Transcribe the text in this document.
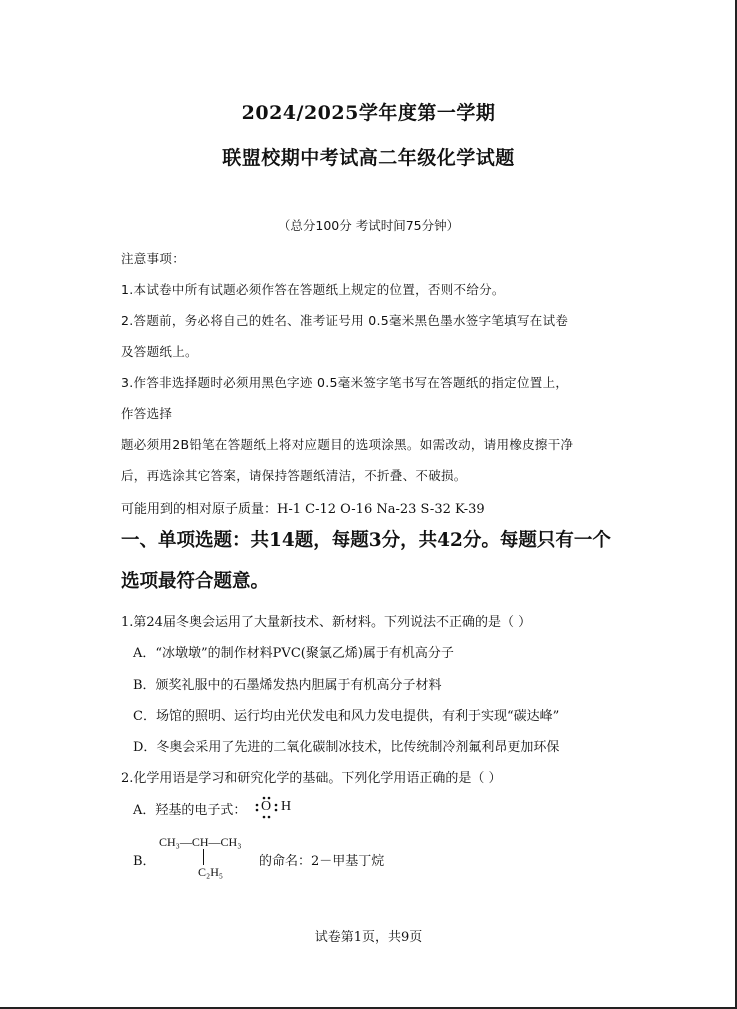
2024/2025学年度第一学期
联盟校期中考试高二年级化学试题
（总分100分 考试时间75分钟）
注意事项：
1.本试卷中所有试题必须作答在答题纸上规定的位置，否则不给分。
2.答题前，务必将自己的姓名、准考证号用 0.5毫米黑色墨水签字笔填写在试卷
及答题纸上。
3.作答非选择题时必须用黑色字迹 0.5毫米签字笔书写在答题纸的指定位置上，
作答选择
题必须用2B铅笔在答题纸上将对应题目的选项涂黑。如需改动，请用橡皮擦干净
后，再选涂其它答案，请保持答题纸清洁，不折叠、不破损。
可能用到的相对原子质量：H-1 C-12 O-16 Na-23 S-32 K-39
一、单项选题：共14题，每题3分，共42分。每题只有一个
选项最符合题意。
1.第24届冬奥会运用了大量新技术、新材料。下列说法不正确的是（ ）
A．“冰墩墩”的制作材料PVC(聚氯乙烯)属于有机高分子
B．颁奖礼服中的石墨烯发热内胆属于有机高分子材料
C．场馆的照明、运行均由光伏发电和风力发电提供，有利于实现“碳达峰”
D．冬奥会采用了先进的二氧化碳制冰技术，比传统制冷剂氟利昂更加环保
2.化学用语是学习和研究化学的基础。下列化学用语正确的是（ ）
A．羟基的电子式： O H
B．
CH₃—CH—CH₃
C₂H₅
的命名：2－甲基丁烷
试卷第1页，共9页
